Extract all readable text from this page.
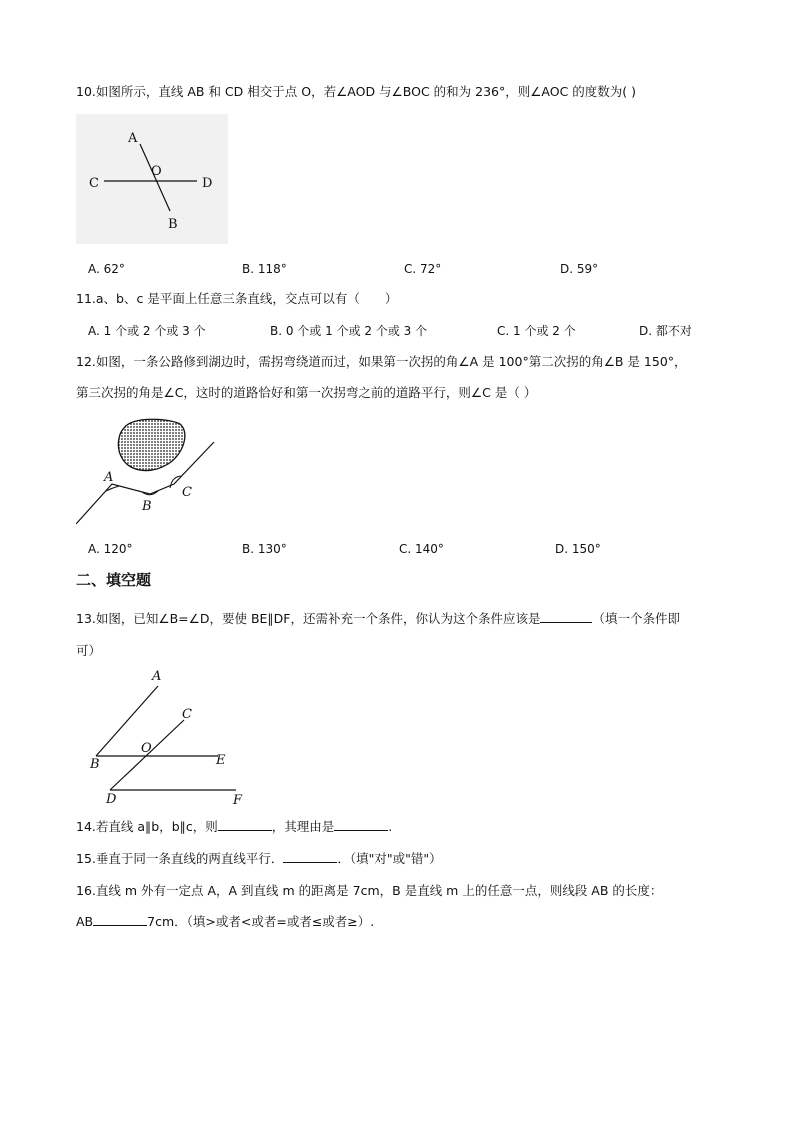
10.如图所示，直线 AB 和 CD 相交于点 O，若∠AOD 与∠BOC 的和为 236°，则∠AOC 的度数为( )
A
B
C	D
O
A. 62°	B. 118°	C. 72°	D. 59°
11.a、b、c 是平面上任意三条直线，交点可以有（　　）
A. 1 个或 2 个或 3 个	B. 0 个或 1 个或 2 个或 3 个	C. 1 个或 2 个	D. 都不对
12.如图，一条公路修到湖边时，需拐弯绕道而过，如果第一次拐的角∠A 是 100°第二次拐的角∠B 是 150°，
第三次拐的角是∠C，这时的道路恰好和第一次拐弯之前的道路平行，则∠C 是（ ）
A
B
C
A. 120°	B. 130°	C. 140°	D. 150°
二、填空题
13.如图，已知∠B=∠D，要使 BE∥DF，还需补充一个条件，你认为这个条件应该是	（填一个条件即
可）
A
C
O
B	E
D	F
14.若直线 a∥b，b∥c，则	，其理由是	.
15.垂直于同一条直线的两直线平行．	．（填"对"或"错"）
16.直线 m 外有一定点 A，A 到直线 m 的距离是 7cm，B 是直线 m 上的任意一点，则线段 AB 的长度：
AB	7cm．（填>或者<或者=或者≤或者≥）.
